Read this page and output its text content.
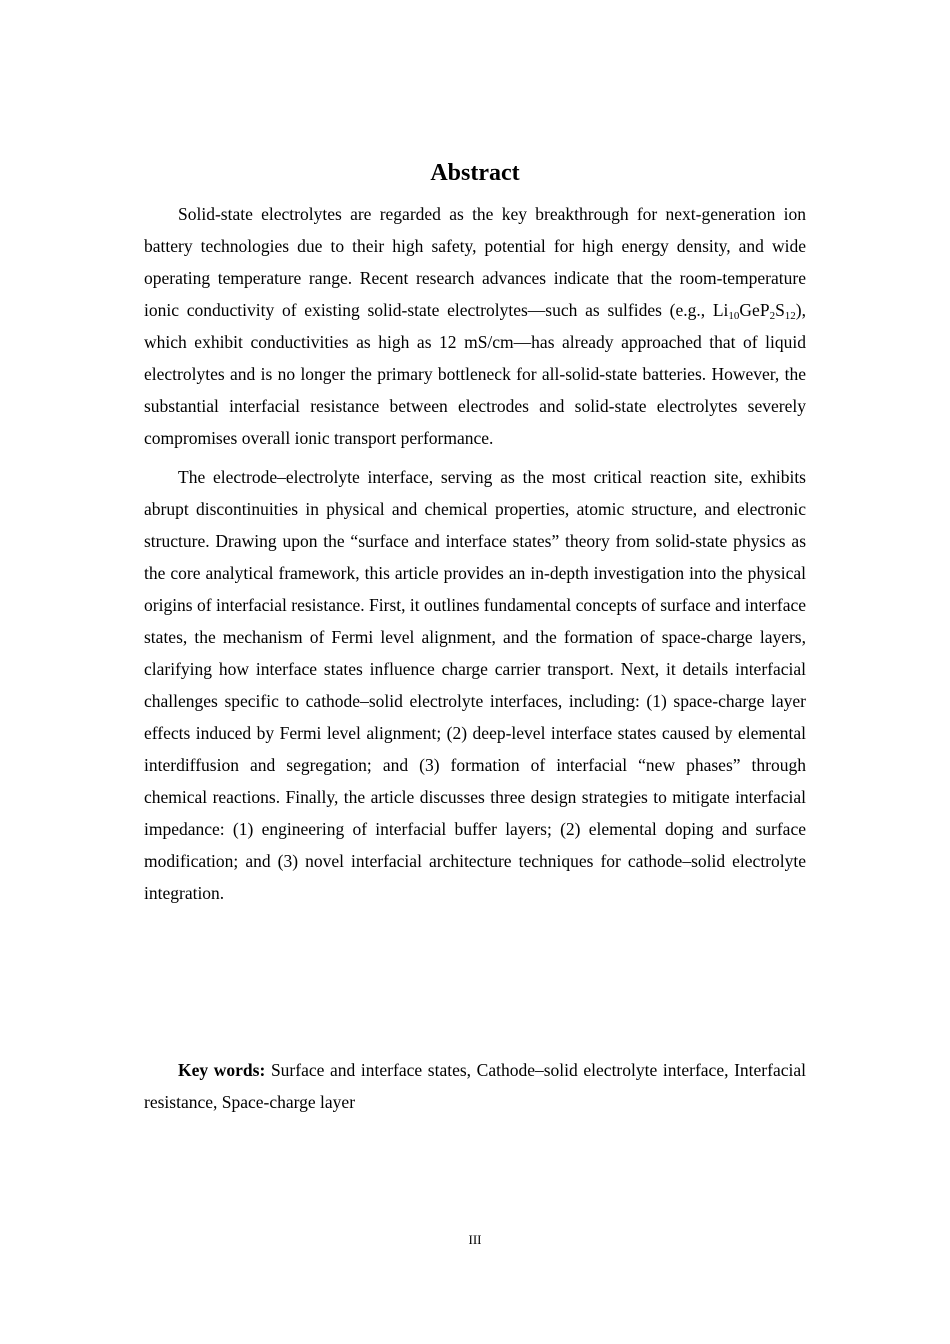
Abstract

Solid-state electrolytes are regarded as the key breakthrough for next-generation ion battery technologies due to their high safety, potential for high energy density, and wide operating temperature range. Recent research advances indicate that the room-temperature ionic conductivity of existing solid-state electrolytes—such as sulfides (e.g., $Li_{10}GeP_2S_{12}$), which exhibit conductivities as high as 12 mS/cm—has already approached that of liquid electrolytes and is no longer the primary bottleneck for all-solid-state batteries. However, the substantial interfacial resistance between electrodes and solid-state electrolytes severely compromises overall ionic transport performance.

The electrode–electrolyte interface, serving as the most critical reaction site, exhibits abrupt discontinuities in physical and chemical properties, atomic structure, and electronic structure. Drawing upon the “surface and interface states” theory from solid-state physics as the core analytical framework, this article provides an in-depth investigation into the physical origins of interfacial resistance. First, it outlines fundamental concepts of surface and interface states, the mechanism of Fermi level alignment, and the formation of space-charge layers, clarifying how interface states influence charge carrier transport. Next, it details interfacial challenges specific to cathode–solid electrolyte interfaces, including: (1) space-charge layer effects induced by Fermi level alignment; (2) deep-level interface states caused by elemental interdiffusion and segregation; and (3) formation of interfacial “new phases” through chemical reactions. Finally, the article discusses three design strategies to mitigate interfacial impedance: (1) engineering of interfacial buffer layers; (2) elemental doping and surface modification; and (3) novel interfacial architecture techniques for cathode–solid electrolyte integration.

Key words: Surface and interface states, Cathode–solid electrolyte interface, Interfacial resistance, Space-charge layer

III
